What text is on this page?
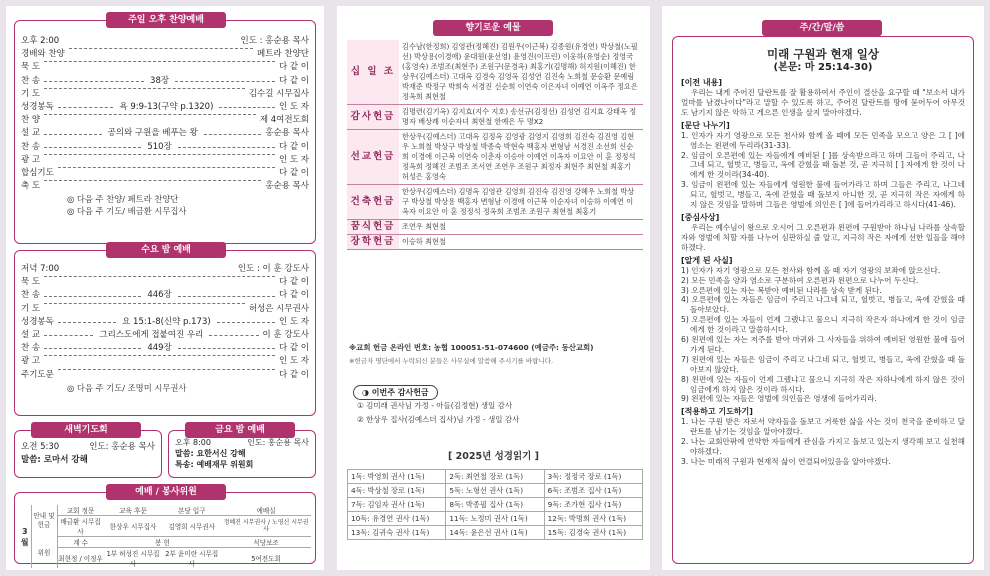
주일 오후 찬양예배
오후 2:00	인도 : 홍순용 목사
경배와 찬양	페트라 찬양단
묵 도	다 같 이
찬 송	38장	다 같 이
기 도	김수길 시무집사
성경봉독	욕 9:9-13(구약 p.1320)	인 도 자
찬 양	제 4여전도회
설 교	공의와 구원을 베푸는 왕	홍순용 목사
찬 송	510장	다 같 이
광 고	인 도 자
합심기도	다 같 이
축 도	홍순용 목사
◎ 다음 주 찬양/ 페트라 찬양단
◎ 다음 주 기도/ 배금환 시무집사
수요 밤 예배
저녁 7:00	인도 : 이 훈 강도사
묵 도	다 같 이
찬 송	446장	다 같 이
기 도	허성은 시무권사
성경봉독	요 15:1-8(신약 p.173)	인 도 자
설 교	그리스도에게 접붙여진 우리	이 훈 강도사
찬 송	449장	다 같 이
광 고	인 도 자
주기도문	다 같 이
◎ 다음 주 기도/ 조명미 시무권사
새벽기도회
오전 5:30	인도: 홍순용 목사
말씀: 로마서 강해
금요 밤 예배
오후 8:00	인도: 홍순용 목사
말씀: 요한서신 강해
특송: 예배재무 위원회
예배 / 봉사위원
3
월	안내 및 헌금	교회 정문	교육 후문	본당 입구	예배실
		배금환 시무집사	한상우 시무집사	김영희 시무권사	정혜진 시무권사 / 노영신 시무권사
	위원	계 수	봉 헌		식당보조
		최현정 / 이정우	1부 허성진 시무집사	2부 윤미란 시무집사	5여전도회
향기로운 예물
십 일 조	김수남(한정희) 김영관(정혜진) 김원우(이근복) 김종원(유경연) 박상철(노필선) 박상용(이경애) 윤대원(윤선영) 윤영진(이프린) 이웅하(유영순) 정영국(홍영숙) 조범조(최현주) 조원구(문경옥) 최홍기(김명해) 허지원(이혜진) 한상우(김예스더) 고대옥 김경숙 김영옥 김성연 김진숙 노희철 문승환 문예림 박재준 박정구 박희숙 서경진 신순희 이연숙 이은자녀 이예연 이옥주 정요은 정옥희 최현철
감사헌금	김명련(김기옥) 김지효(지수 지호) 송선규(김정선) 김성연 김지효 강태옥 정명자 배상례 이순자녀 최현철 한예은 두 명X2
선교헌금	한상우(김예스더) 고대옥 김정옥 김영광 김영지 김영희 김진숙 김진영 김현우 노희철 박상구 박상철 박종숙 박현숙 백홍자 변형남 서경진 소선희 신순희 이경애 이근복 이연숙 이춘자 이승아 이예연 이옥자 이요안 이 훈 정정석 정옥희 정혜진 조범조 조서연 조연우 조원구 최정자 최현주 최현철 최홍기 허성은 홍영숙
건축헌금	한상우(김예스더) 김명옥 김영관 김영희 김진숙 김진영 강혜우 노희철 박상구 박상철 박상용 백홍자 변형남 이경애 이근복 이순자녀 이승하 이예연 이옥자 이요안 이 훈 정정석 정옥희 조범조 조원구 최현철 최홍기
꿈식헌금	조연우 최현철
장학헌금	이승하 최현철
※교회 헌금 온라인 번호: 농협 100051-51-074600 (예금주: 동산교회)
※헌금자 명단에서 누락되신 분들은 사무실에 말씀해 주시기를 바랍니다.
◑ 이번주 감사헌금
① 김미래 권사님 가정 - 아들(김정현) 생일 감사
② 한상우 집사(김예스더 집사)님 가정 - 생일 감사
[ 2025년 성경읽기 ]
1독: 박영희 권사 (1독)	2독: 최연철 장로 (1독)	3독: 정정국 장로 (1독)
4독: 박상철 장로 (1독)	5독: 노형선 권사 (1독)	6독: 조범조 집사 (1독)
7독: 김임자 권사 (1독)	8독: 박종필 집사 (1독)	9독: 조가현 집사 (1독)
10독: 유경연 권사 (1독)	11독: 노정미 권사 (1독)	12독: 박명희 권사 (1독)
13독: 김귀숙 권사 (1독)	14독: 윤은선 권사 (1독)	15독: 김경숙 권사 (1독)
주/간/말/씀
미래 구원과 현재 일상
(본문: 마 25:14-30)
[이전 내용]
우리는 내게 주어진 달란트를 잘 활용하여서 주인이 결산을 요구할 때 "보소서 내가 얼마를 남겼나이다"라고 말할 수 있도록 하고, 주어진 달란트를 땅에 묻어두어 아무것도 남기지 않은 악하고 게으른 인생을 살지 말아야겠다.
[문단 나누기]
1. 인자가 자기 영광으로 모든 천사와 함께 올 때에 모든 민족을 모으고 양은 그 [ ]에 염소는 왼편에 두리라(31-33).
2. 임금이 오른편에 있는 자들에게 예비된 [ ]를 상속받으라고 하며 그들이 주리고, 나그네 되고, 헐벗고, 병들고, 옥에 갇혔을 때 돌본 것, 곧 지극히 [ ] 자에게 한 것이 나에게 한 것이라(34-40).
3. 임금이 왼편에 있는 자들에게 영원한 불에 들어가라고 하며 그들은 주리고, 나그네 되고, 헐벗고, 병들고, 옥에 갇혔을 때 돌보지 아니한 것, 곧 지극히 작은 자에게 하지 않은 것임을 말하며 그들은 영벌에 의인은 [ ]에 들어가리라고 하시다(41-46).
[중심사상]
우리는 예수님이 왕으로 오시어 그 오른편과 왼편에 구원받아 하나님 나라를 상속할 자와 영벌에 처할 자를 나누어 심판하실 줄 알고, 지극히 작은 자에게 선한 일들을 해야 하겠다.
[알게 된 사실]
1) 인자가 자기 영광으로 모든 천사와 함께 올 때 자기 영광의 보좌에 앉으신다.
2) 모든 민족을 양과 염소로 구분하여 오른편과 왼편으로 나누어 두신다.
3) 오른편에 있는 자는 복받아 예비된 나라를 상속 받게 된다.
4) 오른편에 있는 자들은 임금이 주리고 나그네 되고, 헐벗고, 병들고, 옥에 갇혔을 때 돌아보았다.
5) 오른편에 있는 자들이 언제 그랬냐고 물으니 지극히 작은자 하나에게 한 것이 임금에게 한 것이라고 말씀하시다.
6) 왼편에 있는 자는 저주를 받아 마귀와 그 사자들을 위하여 예비된 영원한 불에 들어가게 된다.
7) 왼편에 있는 자들은 임금이 주리고 나그네 되고, 헐벗고, 병들고, 옥에 갇혔을 때 돌아보지 않았다.
8) 왼편에 있는 자들이 언제 그랬냐고 물으니 지극히 작은 자하나에게 하지 않은 것이 임금에게 하지 않은 것이라 하시다.
9) 왼편에 있는 자들은 영벌에 의인들은 영생에 들어가리라.
[적용하고 기도하기]
1. 나는 구원 받은 자로서 약자들을 돌보고 거룩한 삶을 사는 것이 천국을 준비하고 달란트를 남기는 것임을 알아야겠다.
2. 나는 교회안팎에 연약한 자들에게 관심을 가지고 돌보고 있는지 생각해 보고 실천해야하겠다.
3. 나는 미래적 구원과 현재적 삶이 연결되어있음을 알아야겠다.
